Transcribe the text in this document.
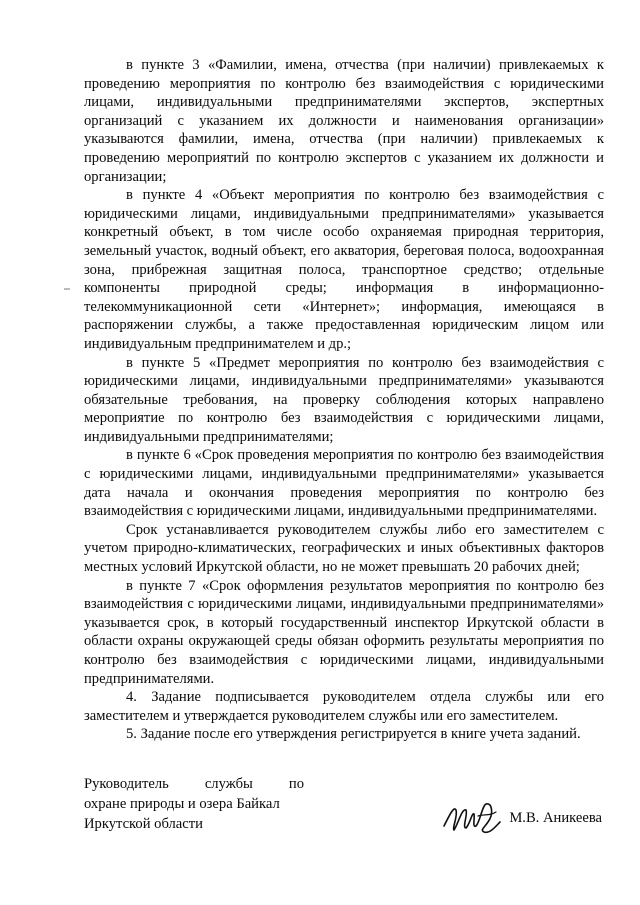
в пункте 3 «Фамилии, имена, отчества (при наличии) привлекаемых к проведению мероприятия по контролю без взаимодействия с юридическими лицами, индивидуальными предпринимателями экспертов, экспертных организаций с указанием их должности и наименования организации» указываются фамилии, имена, отчества (при наличии) привлекаемых к проведению мероприятий по контролю экспертов с указанием их должности и организации;

в пункте 4 «Объект мероприятия по контролю без взаимодействия с юридическими лицами, индивидуальными предпринимателями» указывается конкретный объект, в том числе особо охраняемая природная территория, земельный участок, водный объект, его акватория, береговая полоса, водоохранная зона, прибрежная защитная полоса, транспортное средство; отдельные компоненты природной среды; информация в информационно-телекоммуникационной сети «Интернет»; информация, имеющаяся в распоряжении службы, а также предоставленная юридическим лицом или индивидуальным предпринимателем и др.;

в пункте 5 «Предмет мероприятия по контролю без взаимодействия с юридическими лицами, индивидуальными предпринимателями» указываются обязательные требования, на проверку соблюдения которых направлено мероприятие по контролю без взаимодействия с юридическими лицами, индивидуальными предпринимателями;

в пункте 6 «Срок проведения мероприятия по контролю без взаимодействия с юридическими лицами, индивидуальными предпринимателями» указывается дата начала и окончания проведения мероприятия по контролю без взаимодействия с юридическими лицами, индивидуальными предпринимателями.

Срок устанавливается руководителем службы либо его заместителем с учетом природно-климатических, географических и иных объективных факторов местных условий Иркутской области, но не может превышать 20 рабочих дней;

в пункте 7 «Срок оформления результатов мероприятия по контролю без взаимодействия с юридическими лицами, индивидуальными предпринимателями» указывается срок, в который государственный инспектор Иркутской области в области охраны окружающей среды обязан оформить результаты мероприятия по контролю без взаимодействия с юридическими лицами, индивидуальными предпринимателями.

4. Задание подписывается руководителем отдела службы или его заместителем и утверждается руководителем службы или его заместителем.

5. Задание после его утверждения регистрируется в книге учета заданий.

Руководитель службы по
охране природы и озера Байкал
Иркутской области	М.В. Аникеева
